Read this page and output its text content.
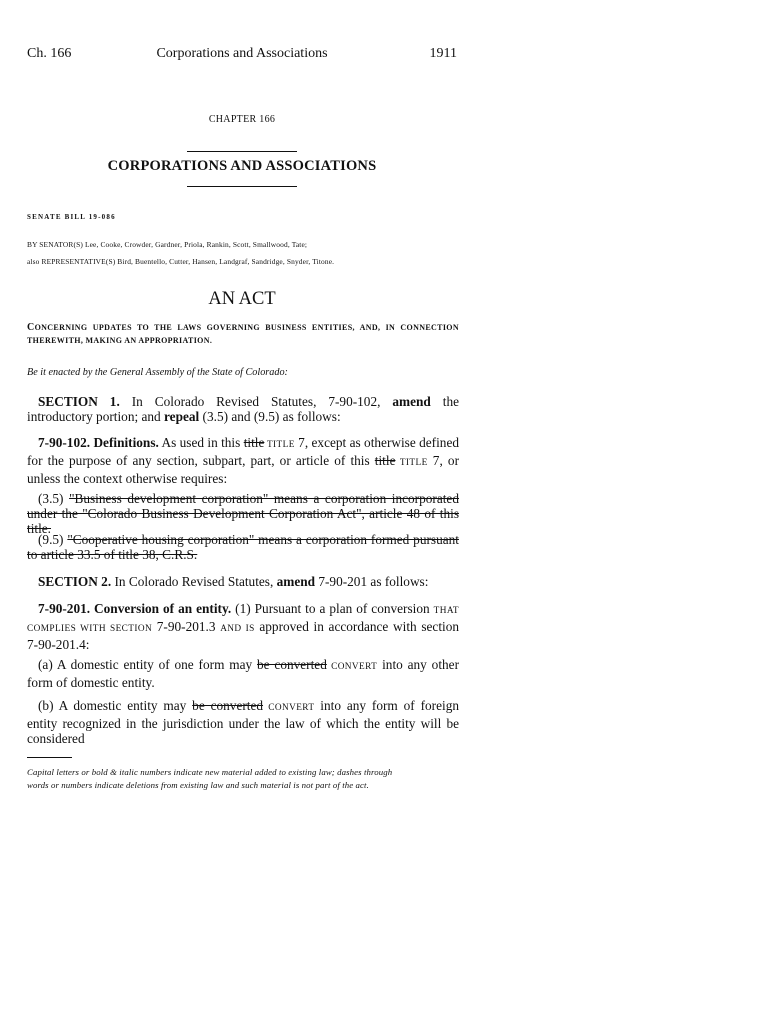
Ch. 166	Corporations and Associations	1911
CHAPTER 166
CORPORATIONS AND ASSOCIATIONS
SENATE BILL 19-086
BY SENATOR(S) Lee, Cooke, Crowder, Gardner, Priola, Rankin, Scott, Smallwood, Tate;
also REPRESENTATIVE(S) Bird, Buentello, Cutter, Hansen, Landgraf, Sandridge, Snyder, Titone.
AN ACT
CONCERNING UPDATES TO THE LAWS GOVERNING BUSINESS ENTITIES, AND, IN CONNECTION THEREWITH, MAKING AN APPROPRIATION.
Be it enacted by the General Assembly of the State of Colorado:

SECTION 1. In Colorado Revised Statutes, 7-90-102, amend the introductory portion; and repeal (3.5) and (9.5) as follows:

7-90-102. Definitions. As used in this title TITLE 7, except as otherwise defined for the purpose of any section, subpart, part, or article of this title TITLE 7, or unless the context otherwise requires:

(3.5) "Business development corporation" means a corporation incorporated under the "Colorado Business Development Corporation Act", article 48 of this title.

(9.5) "Cooperative housing corporation" means a corporation formed pursuant to article 33.5 of title 38, C.R.S.

SECTION 2. In Colorado Revised Statutes, amend 7-90-201 as follows:

7-90-201. Conversion of an entity. (1) Pursuant to a plan of conversion THAT COMPLIES WITH SECTION 7-90-201.3 AND IS approved in accordance with section 7-90-201.4:

(a) A domestic entity of one form may be converted CONVERT into any other form of domestic entity.

(b) A domestic entity may be converted CONVERT into any form of foreign entity recognized in the jurisdiction under the law of which the entity will be considered

Capital letters or bold & italic numbers indicate new material added to existing law; dashes through
words or numbers indicate deletions from existing law and such material is not part of the act.
